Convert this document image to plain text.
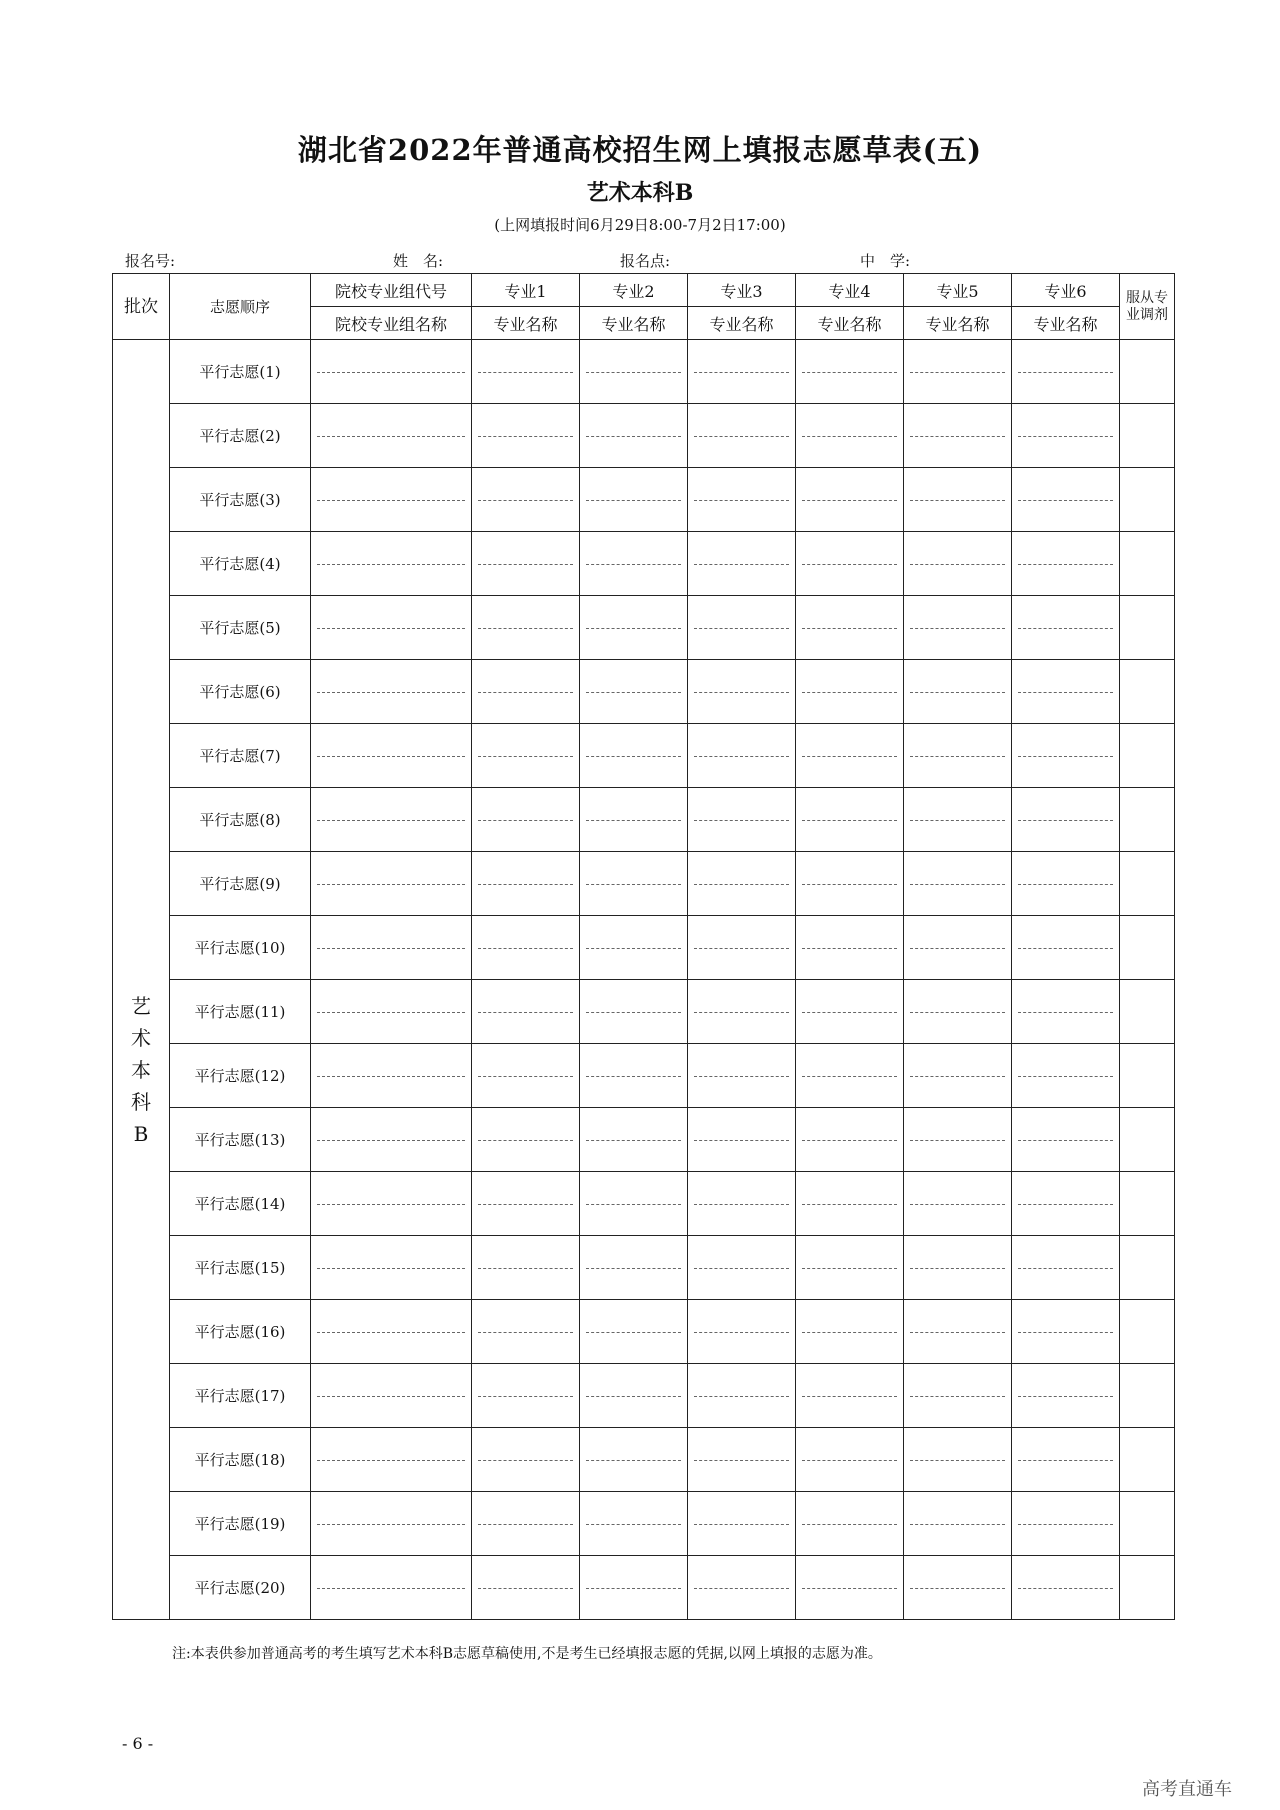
湖北省2022年普通高校招生网上填报志愿草表(五)
艺术本科B
(上网填报时间6月29日8:00-7月2日17:00)
报名号:	姓　名:	报名点:	中　学:
批次	志愿顺序	院校专业组代号	专业1	专业2	专业3	专业4	专业5	专业6	服从专业调剂
		院校专业组名称	专业名称	专业名称	专业名称	专业名称	专业名称	专业名称	

艺术本科B	平行志愿(1)								
	平行志愿(2)								
	平行志愿(3)								
	平行志愿(4)								
	平行志愿(5)								
	平行志愿(6)								
	平行志愿(7)								
	平行志愿(8)								
	平行志愿(9)								
	平行志愿(10)								
	平行志愿(11)								
	平行志愿(12)								
	平行志愿(13)								
	平行志愿(14)								
	平行志愿(15)								
	平行志愿(16)								
	平行志愿(17)								
	平行志愿(18)								
	平行志愿(19)								
	平行志愿(20)								
注:本表供参加普通高考的考生填写艺术本科B志愿草稿使用,不是考生已经填报志愿的凭据,以网上填报的志愿为准。
- 6 -
高考直通车
